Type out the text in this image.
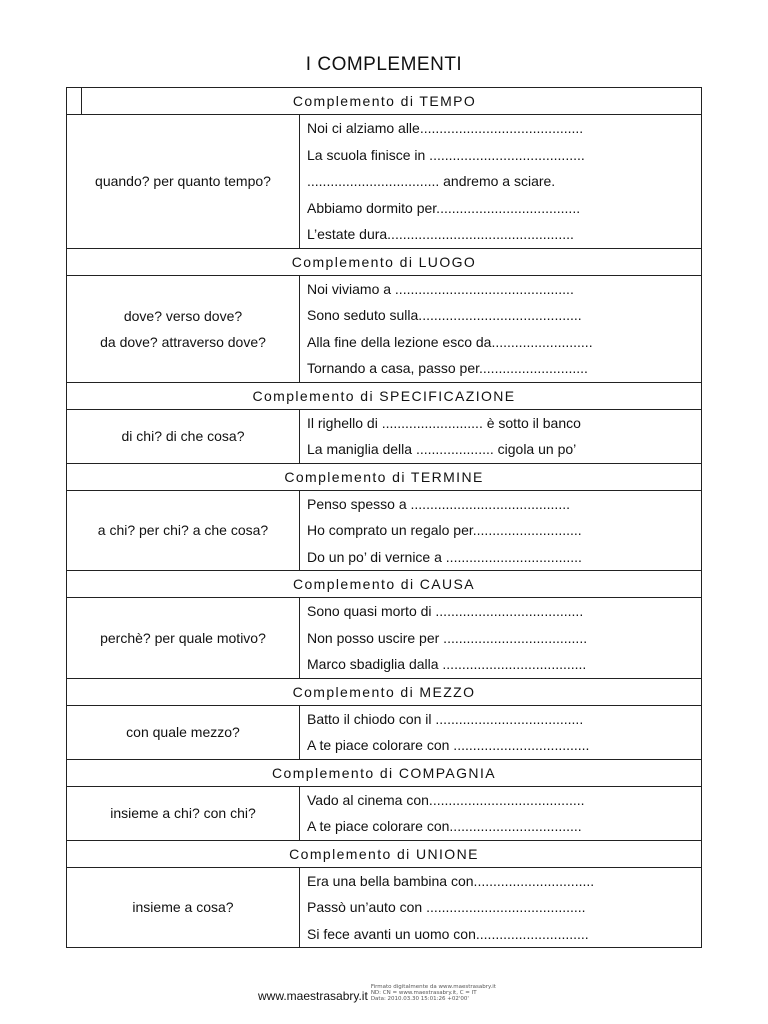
I COMPLEMENTI
Complemento di TEMPO
quando? per quanto tempo?
Noi ci alziamo alle..........................................
La scuola finisce in ........................................
.................................. andremo a sciare.
Abbiamo dormito per.....................................
L’estate dura................................................
Complemento di LUOGO
dove? verso dove?
da dove? attraverso dove?
Noi viviamo a ..............................................
Sono seduto sulla..........................................
Alla fine della lezione esco da..........................
Tornando a casa, passo per............................
Complemento di SPECIFICAZIONE
di chi? di che cosa?
Il righello di .......................... è sotto il banco
La maniglia della .................... cigola un po’
Complemento di TERMINE
a chi? per chi? a che cosa?
Penso spesso a .........................................
Ho comprato un regalo per............................
Do un po’ di vernice a ...................................
Complemento di CAUSA
perchè? per quale motivo?
Sono quasi morto di ......................................
Non posso uscire per .....................................
Marco sbadiglia dalla .....................................
Complemento di MEZZO
con quale mezzo?
Batto il chiodo con il ......................................
A te piace colorare con ...................................
Complemento di COMPAGNIA
insieme a chi? con chi?
Vado al cinema con........................................
A te piace colorare con..................................
Complemento di UNIONE
insieme a cosa?
Era una bella bambina con...............................
Passò un’auto con .........................................
Si fece avanti un uomo con.............................
www.maestrasabry.it
Firmato digitalmente da www.maestrasabry.it
ND: CN = www.maestrasabry.it, C = IT
Data: 2010.03.30 15:01:26 +02'00'
